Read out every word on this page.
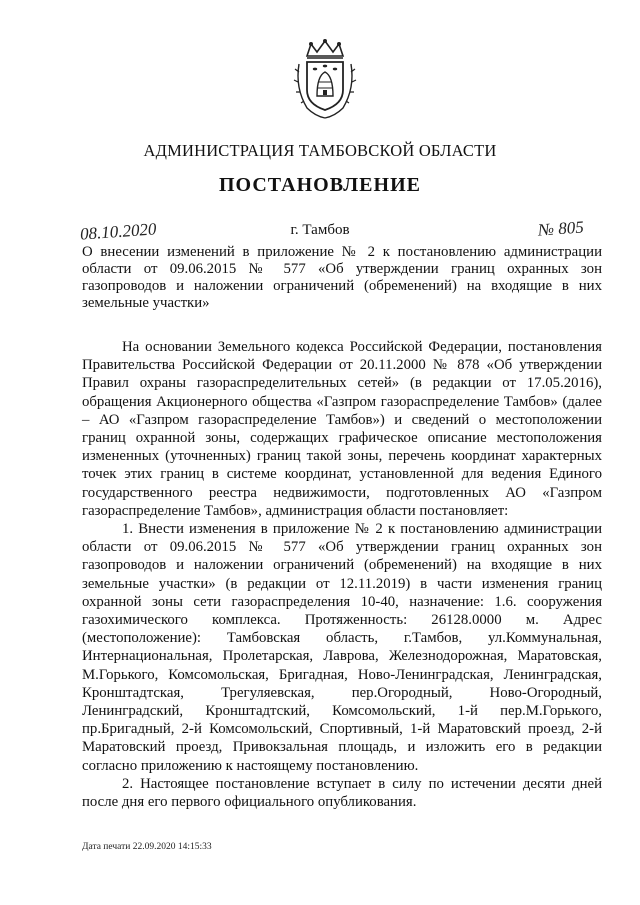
АДМИНИСТРАЦИЯ ТАМБОВСКОЙ ОБЛАСТИ
ПОСТАНОВЛЕНИЕ
08.10.2020	г. Тамбов	№ 805
О внесении изменений в приложение № 2 к постановлению администрации области от 09.06.2015 № 577 «Об утверждении границ охранных зон газопроводов и наложении ограничений (обременений) на входящие в них земельные участки»

На основании Земельного кодекса Российской Федерации, постановления Правительства Российской Федерации от 20.11.2000 № 878 «Об утверждении Правил охраны газораспределительных сетей» (в редакции от 17.05.2016), обращения Акционерного общества «Газпром газораспределение Тамбов» (далее – АО «Газпром газораспределение Тамбов») и сведений о местоположении границ охранной зоны, содержащих графическое описание местоположения измененных (уточненных) границ такой зоны, перечень координат характерных точек этих границ в системе координат, установленной для ведения Единого государственного реестра недвижимости, подготовленных АО «Газпром газораспределение Тамбов», администрация области постановляет:

1. Внести изменения в приложение № 2 к постановлению администрации области от 09.06.2015 № 577 «Об утверждении границ охранных зон газопроводов и наложении ограничений (обременений) на входящие в них земельные участки» (в редакции от 12.11.2019) в части изменения границ охранной зоны сети газораспределения 10-40, назначение: 1.6. сооружения газохимического комплекса. Протяженность: 26128.0000 м. Адрес (местоположение): Тамбовская область, г.Тамбов, ул.Коммунальная, Интернациональная, Пролетарская, Лаврова, Железнодорожная, Маратовская, М.Горького, Комсомольская, Бригадная, Ново-Ленинградская, Ленинградская, Кронштадтская, Трегуляевская, пер.Огородный, Ново-Огородный, Ленинградский, Кронштадтский, Комсомольский, 1-й пер.М.Горького, пр.Бригадный, 2-й Комсомольский, Спортивный, 1-й Маратовский проезд, 2-й Маратовский проезд, Привокзальная площадь, и изложить его в редакции согласно приложению к настоящему постановлению.

2. Настоящее постановление вступает в силу по истечении десяти дней после дня его первого официального опубликования.

Дата печати 22.09.2020 14:15:33
